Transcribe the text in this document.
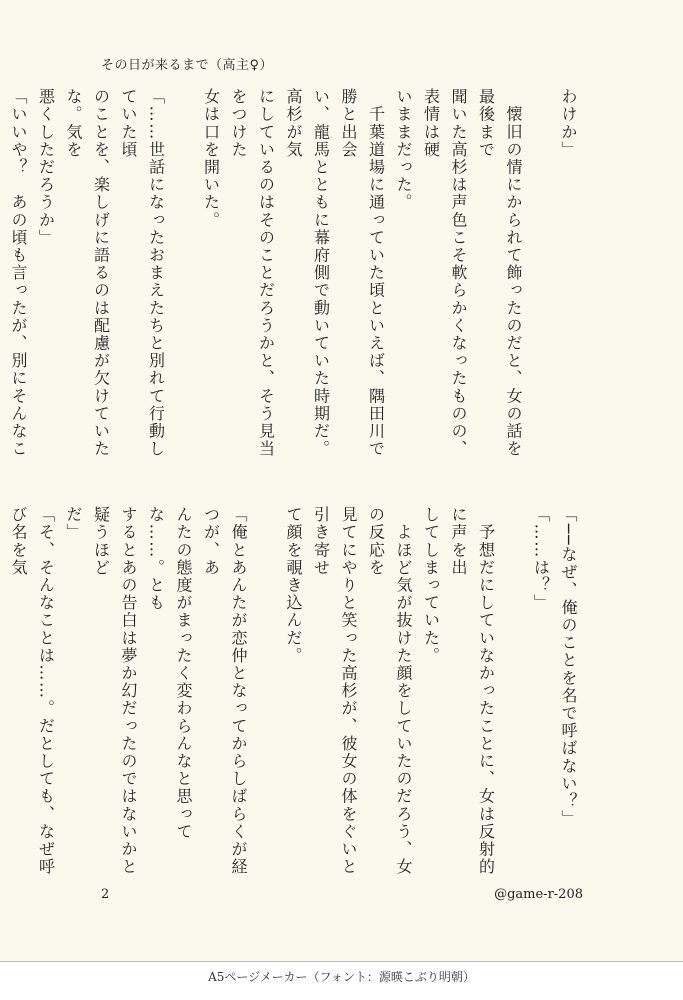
その日が来るまで（高主♀）

わけか」

　懐旧の情にかられて飾ったのだと、女の話を最後まで

聞いた高杉は声色こそ軟らかくなったものの、表情は硬

いままだった。

　千葉道場に通っていた頃といえば、隅田川で勝と出会

い、龍馬とともに幕府側で動いていた時期だ。高杉が気

にしているのはそのことだろうかと、そう見当をつけた

女は口を開いた。

「……世話になったおまえたちと別れて行動していた頃

のことを、楽しげに語るのは配慮が欠けていたな。気を

悪くしただろうか」

「いいや？　あの頃も言ったが、別にそんなこ

「──なぜ、俺のことを名で呼ばない？」

「……は？」

　予想だにしていなかったことに、女は反射的に声を出

してしまっていた。

　よほど気が抜けた顔をしていたのだろう、女の反応を

見てにやりと笑った高杉が、彼女の体をぐいと引き寄せ

て顔を覗き込んだ。

「俺とあんたが恋仲となってからしばらくが経つが、あ

んたの態度がまったく変わらんなと思ってな……。とも

するとあの告白は夢か幻だったのではないかと疑うほど

だ」

「そ、そんなことは……。だとしても、なぜ呼び名を気

2	@game-r-208
A5ページメーカー（フォント：源暎こぶり明朝）
